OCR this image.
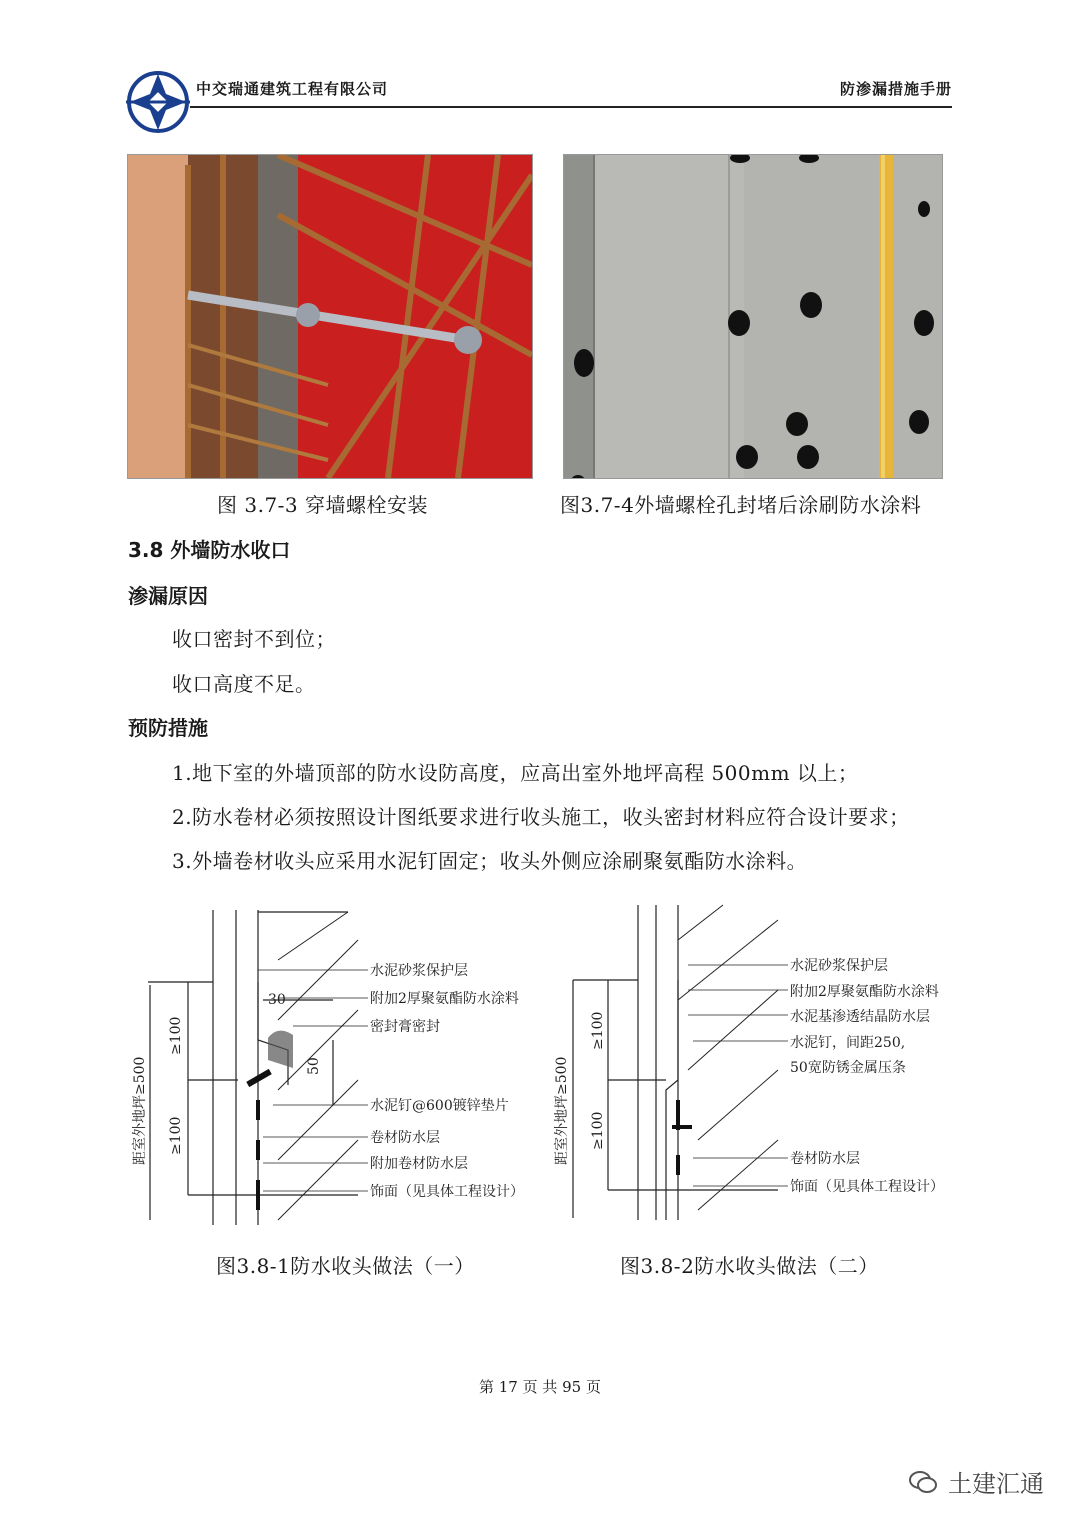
中交瑞通建筑工程有限公司	防渗漏措施手册
图 3.7-3 穿墙螺栓安装	图3.7-4外墙螺栓孔封堵后涂刷防水涂料
3.8 外墙防水收口
渗漏原因
收口密封不到位；
收口高度不足。
预防措施
1.地下室的外墙顶部的防水设防高度，应高出室外地坪高程 500mm 以上；
2.防水卷材必须按照设计图纸要求进行收头施工，收头密封材料应符合设计要求；
3.外墙卷材收头应采用水泥钉固定；收头外侧应涂刷聚氨酯防水涂料。
水泥砂浆保护层
附加2厚聚氨酯防水涂料
密封膏密封
水泥钉@600镀锌垫片
卷材防水层
附加卷材防水层
饰面（见具体工程设计）
30
50
≥100
≥100
距室外地坪≥500
水泥砂浆保护层
附加2厚聚氨酯防水涂料
水泥基渗透结晶防水层
水泥钉，间距250,
50宽防锈金属压条
卷材防水层
饰面（见具体工程设计）
≥100
≥100
距室外地坪≥500
图3.8-1防水收头做法（一）	图3.8-2防水收头做法（二）
第 17 页 共 95 页
土建汇通
